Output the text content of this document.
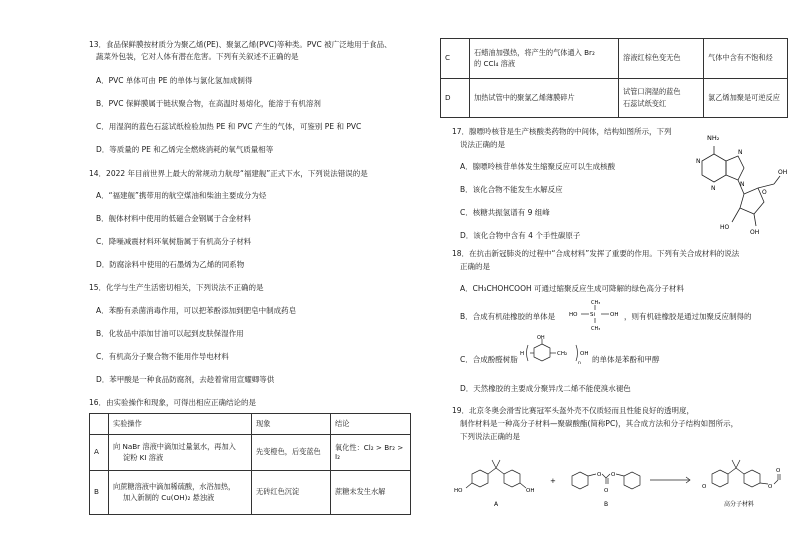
13．食品保鲜膜按材质分为聚乙烯(PE)、聚氯乙烯(PVC)等种类。PVC 被广泛地用于食品、
蔬菜外包装，它对人体有潜在危害。下列有关叙述不正确的是
A．PVC 单体可由 PE 的单体与氯化氢加成制得
B．PVC 保鲜膜属于链状聚合物，在高温时易熔化，能溶于有机溶剂
C．用湿润的蓝色石蕊试纸检验加热 PE 和 PVC 产生的气体，可鉴别 PE 和 PVC
D．等质量的 PE 和乙烯完全燃烧消耗的氧气质量相等
14．2022 年目前世界上最大的常规动力航母“福建舰”正式下水，下列说法错误的是
A．“福建舰”携带用的航空煤油和柴油主要成分为烃
B．舰体材料中使用的低磁合金钢属于合金材料
C．降噪减震材料环氧树脂属于有机高分子材料
D．防腐涂料中使用的石墨烯为乙烯的同系物
15．化学与生产生活密切相关，下列说法不正确的是
A．苯酚有杀菌消毒作用，可以把苯酚添加到肥皂中制成药皂
B．化妆品中添加甘油可以起到皮肤保湿作用
C．有机高分子聚合物不能用作导电材料
D．苯甲酸是一种食品防腐剂，去趁着常用宣耀卿等供
16．由实验操作和现象，可得出相应正确结论的是
	实验操作	现象	结论
A	向 NaBr 溶液中滴加过量氯水，再加入
淀粉 KI 溶液	先变橙色，后变蓝色	氧化性：Cl₂ > Br₂ > I₂
B	向蔗糖溶液中滴加稀硫酸，水浴加热，
加入新制的 Cu(OH)₂ 悬浊液	无砖红色沉淀	蔗糖未发生水解
C	石蜡油加强热，将产生的气体通入 Br₂
的 CCl₄ 溶液	溶液红棕色变无色	气体中含有不饱和烃
D	加热试管中的聚氯乙烯薄膜碎片	试管口润湿的蓝色
石蕊试纸变红	氯乙烯加聚是可逆反应
17．腺嘌呤核苷是生产核酸类药物的中间体，结构如图所示，下列
说法正确的是
A．腺嘌呤核苷单体发生缩聚反应可以生成核酸
B．该化合物不能发生水解反应
C．核糖共振氢谱有 9 组峰
D．该化合物中含有 4 个手性碳原子
NH₂
N
N
N
N
O
OH
OH
HO
18．在抗击新冠肺炎的过程中“合成材料”发挥了重要的作用。下列有关合成材料的说法
正确的是
A．CH₃CHOHCOOH 可通过缩聚反应生成可降解的绿色高分子材料
B．合成有机硅橡胶的单体是
CH₃
CH₃
HO Si	OH ，则有机硅橡胶是通过加聚反应制得的
C．合成酚醛树脂
H
OH
CH₂
n
OH
的单体是苯酚和甲醇
D．天然橡胶的主要成分聚异戊二烯不能使溴水褪色
19．北京冬奥会滑雪比赛冠军头盔外壳不仅质轻而且性能良好的透明度，
制作材料是一种高分子材料—聚碳酸酯(简称PC)，其合成方法和分子结构如图所示，
下列说法正确的是
HO	OH
A
+
O O
O
B
O	O
O
高分子材料
